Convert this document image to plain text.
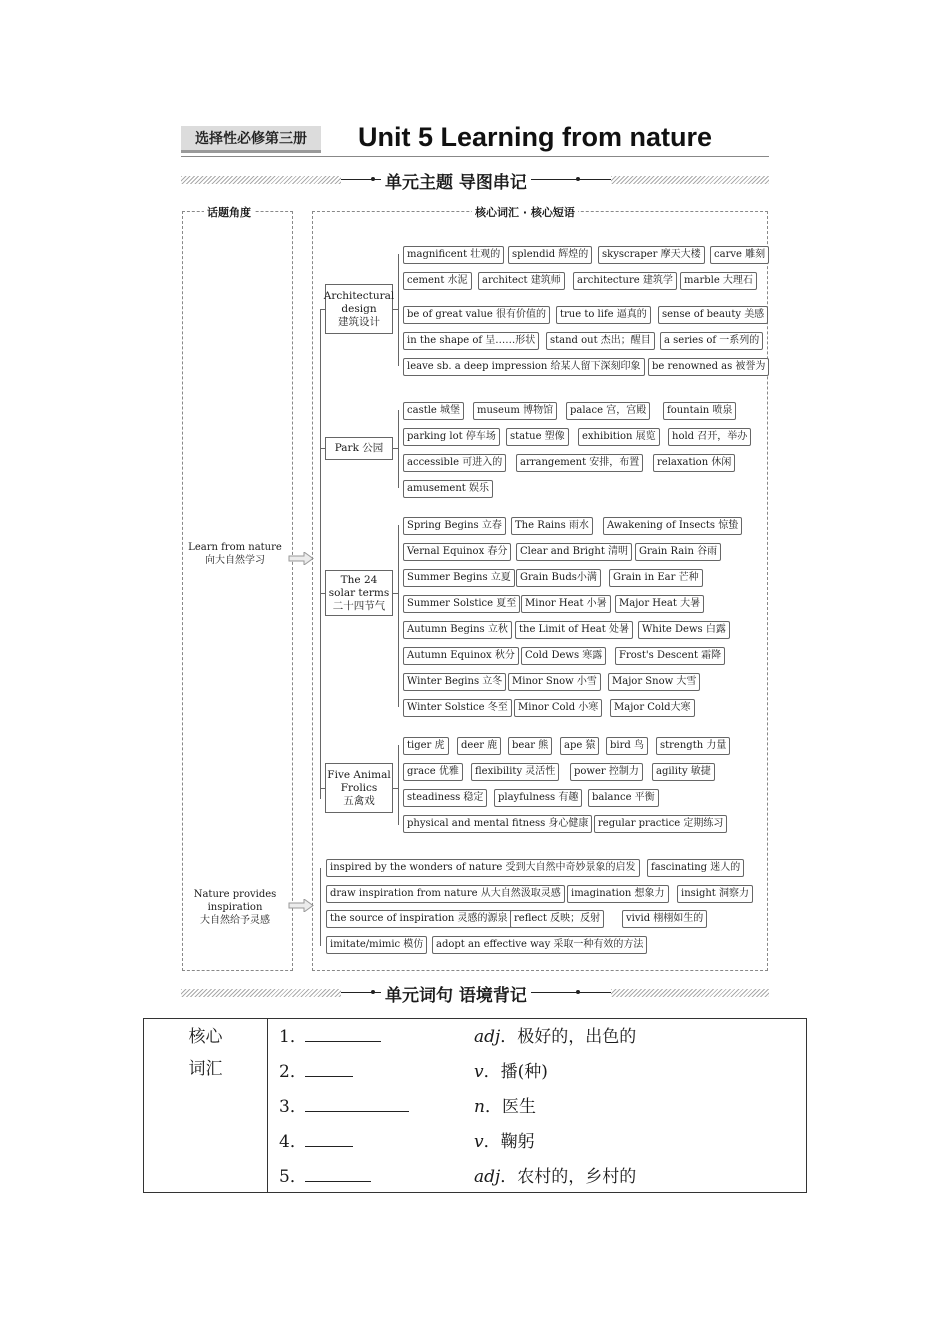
选择性必修第三册	Unit 5 Learning from nature
单元主题 导图串记
话题角度
Learn from nature
向大自然学习
Nature provides inspiration
大自然给予灵感
核心词汇 · 核心短语
Architectural design
建筑设计
magnificent 壮观的	splendid 辉煌的	skyscraper 摩天大楼	carve 雕刻
cement 水泥	architect 建筑师	architecture 建筑学	marble 大理石
be of great value 很有价值的	true to life 逼真的	sense of beauty 美感
in the shape of 呈……形状	stand out 杰出；醒目	a series of 一系列的
leave sb. a deep impression 给某人留下深刻印象	be renowned as 被誉为
Park 公园
castle 城堡	museum 博物馆	palace 宫，宫殿	fountain 喷泉
parking lot 停车场	statue 塑像	exhibition 展览	hold 召开，举办
accessible 可进入的	arrangement 安排，布置	relaxation 休闲
amusement 娱乐
The 24 solar terms
二十四节气
Spring Begins 立春	The Rains 雨水	Awakening of Insects 惊蛰
Vernal Equinox 春分	Clear and Bright 清明	Grain Rain 谷雨
Summer Begins 立夏 Grain Buds小满	Grain in Ear 芒种
Summer Solstice 夏至 Minor Heat 小暑	Major Heat 大暑
Autumn Begins 立秋	the Limit of Heat 处暑	White Dews 白露
Autumn Equinox 秋分	Cold Dews 寒露	Frost's Descent 霜降
Winter Begins 立冬 Minor Snow 小雪	Major Snow 大雪
Winter Solstice 冬至	Minor Cold 小寒	Major Cold大寒
Five Animal Frolics
五禽戏
tiger 虎	deer 鹿	bear 熊	ape 猿	bird 鸟	strength 力量
grace 优雅	flexibility 灵活性	power 控制力	agility 敏捷
steadiness 稳定	playfulness 有趣	balance 平衡
physical and mental fitness 身心健康 regular practice 定期练习
inspired by the wonders of nature 受到大自然中奇妙景象的启发	fascinating 迷人的
draw inspiration from nature 从大自然汲取灵感	imagination 想象力	insight 洞察力
the source of inspiration 灵感的源泉 reflect 反映；反射	vivid 栩栩如生的
imitate/mimic 模仿	adopt an effective way 采取一种有效的方法
单元词句 语境背记
核心
词汇
1．	adj．极好的，出色的
2．	v．播(种)
3．	n．医生
4．	v．鞠躬
5．	adj．农村的，乡村的
